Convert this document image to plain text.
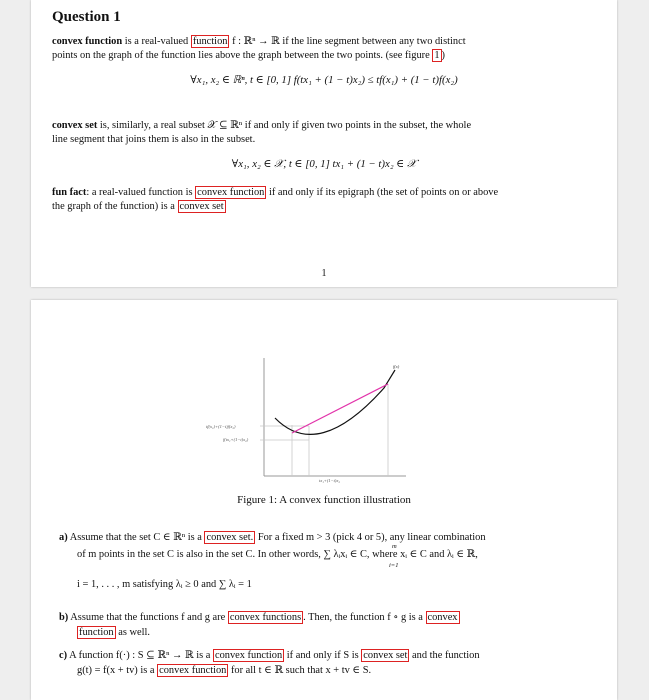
Question 1
convex function is a real-valued function f : ℝⁿ → ℝ if the line segment between any two distinct
points on the graph of the function lies above the graph between the two points. (see figure 1 )
∀x₁, x₂ ∈ ℝⁿ, t ∈ [0, 1] f(tx₁ + (1 − t)x₂) ≤ tf(x₁) + (1 − t)f(x₂)
convex set is, similarly, a real subset 𝒳 ⊆ ℝⁿ if and only if given two points in the subset, the whole
line segment that joins them is also in the subset.
∀x₁, x₂ ∈ 𝒳, t ∈ [0, 1] tx₁ + (1 − t)x₂ ∈ 𝒳
fun fact: a real-valued function is convex function if and only if its epigraph (the set of points on or above
the graph of the function) is a convex set
1
f(x)
tf(x₁)+(1−t)f(x₂)
f(tx₁+(1−t)x₂)
tx₁+(1−t)x₂
Figure 1: A convex function illustration
a) Assume that the set C ∈ ℝⁿ is a convex set. For a fixed m > 3 (pick 4 or 5), any linear combination
of m points in the set C is also in the set C. In other words, ∑ λᵢxᵢ ∈ C, where xᵢ ∈ C and λᵢ ∈ ℝ,
m
i=1
i = 1, . . . , m satisfying λᵢ ≥ 0 and ∑ λᵢ = 1
b) Assume that the functions f and g are convex functions . Then, the function f ∘ g is a convex
function as well.
c) A function f(·) : S ⊆ ℝⁿ → ℝ is a convex function if and only if S is convex set and the function
g(t) = f(x + tv) is a convex function for all t ∈ ℝ such that x + tv ∈ S.
